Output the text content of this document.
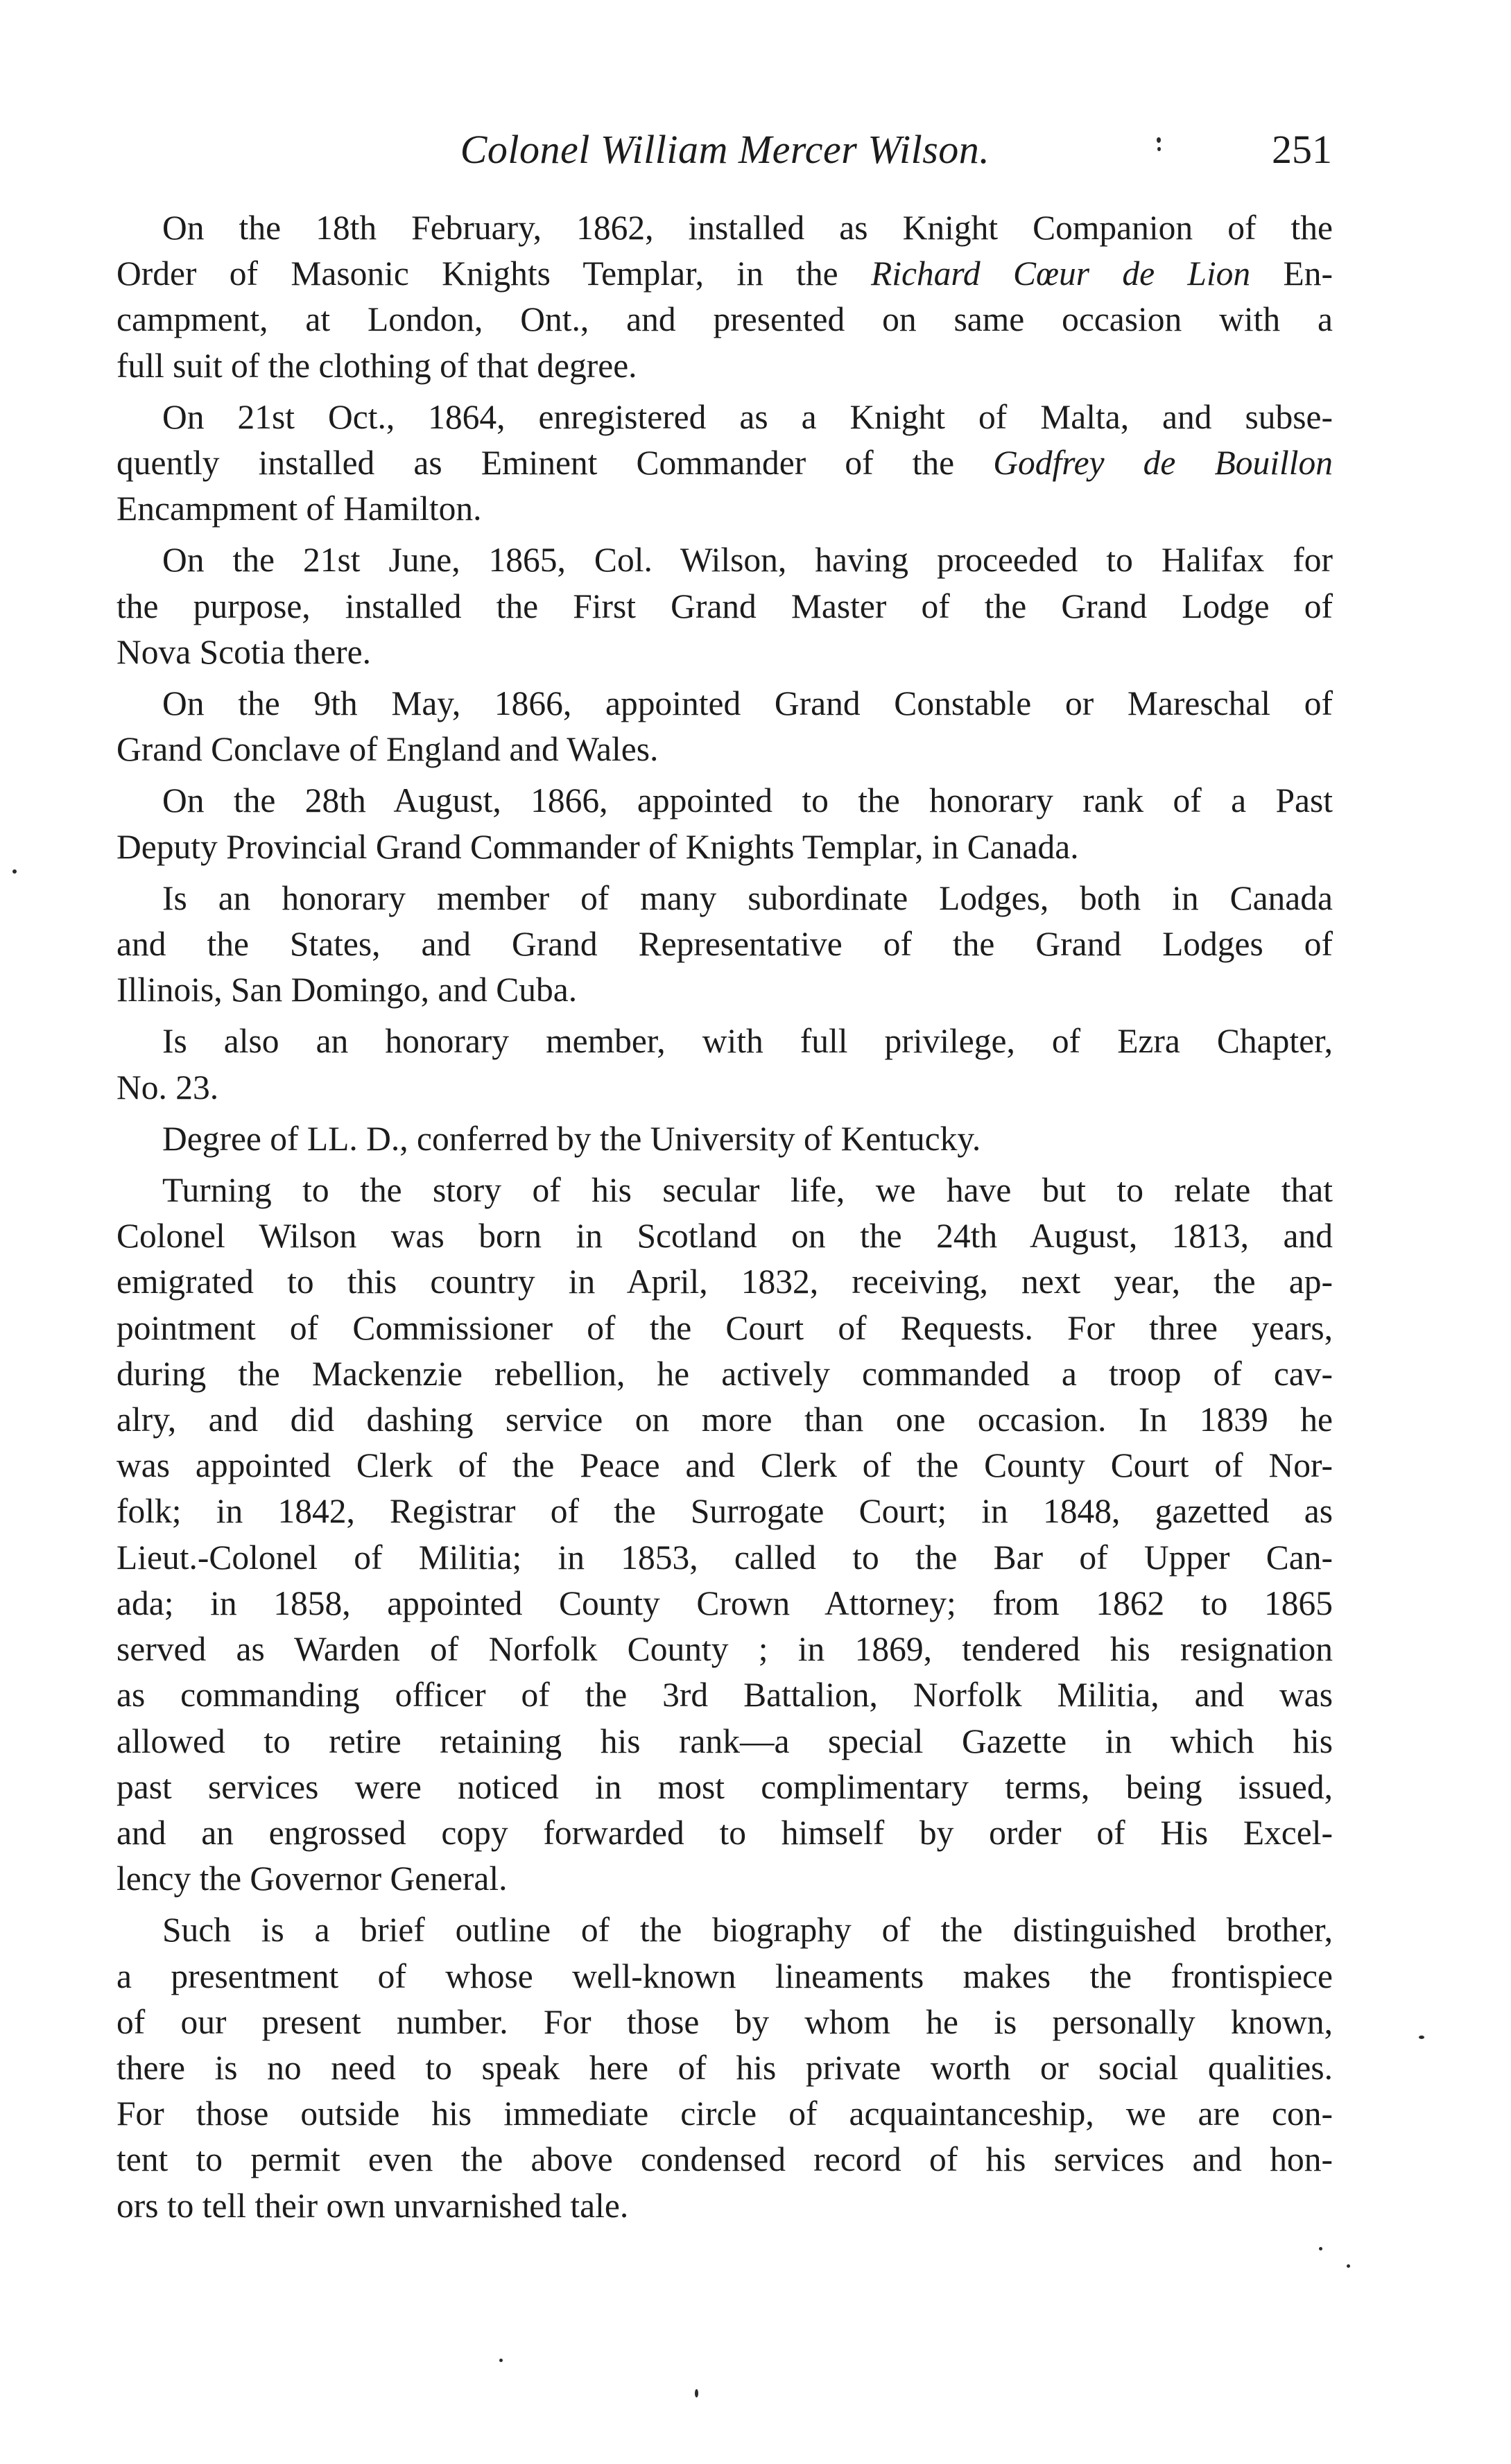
Colonel William Mercer Wilson.	251

On the 18th February, 1862, installed as Knight Companion of the
Order of Masonic Knights Templar, in the Richard Cœur de Lion En-
campment, at London, Ont., and presented on same occasion with a
full suit of the clothing of that degree.

On 21st Oct., 1864, enregistered as a Knight of Malta, and subse-
quently installed as Eminent Commander of the Godfrey de Bouillon
Encampment of Hamilton.

On the 21st June, 1865, Col. Wilson, having proceeded to Halifax for
the purpose, installed the First Grand Master of the Grand Lodge of
Nova Scotia there.

On the 9th May, 1866, appointed Grand Constable or Mareschal of
Grand Conclave of England and Wales.

On the 28th August, 1866, appointed to the honorary rank of a Past
Deputy Provincial Grand Commander of Knights Templar, in Canada.

Is an honorary member of many subordinate Lodges, both in Canada
and the States, and Grand Representative of the Grand Lodges of
Illinois, San Domingo, and Cuba.

Is also an honorary member, with full privilege, of Ezra Chapter,
No. 23.

Degree of LL. D., conferred by the University of Kentucky.

Turning to the story of his secular life, we have but to relate that
Colonel Wilson was born in Scotland on the 24th August, 1813, and
emigrated to this country in April, 1832, receiving, next year, the ap-
pointment of Commissioner of the Court of Requests. For three years,
during the Mackenzie rebellion, he actively commanded a troop of cav-
alry, and did dashing service on more than one occasion. In 1839 he
was appointed Clerk of the Peace and Clerk of the County Court of Nor-
folk; in 1842, Registrar of the Surrogate Court; in 1848, gazetted as
Lieut.-Colonel of Militia; in 1853, called to the Bar of Upper Can-
ada; in 1858, appointed County Crown Attorney; from 1862 to 1865
served as Warden of Norfolk County ; in 1869, tendered his resignation
as commanding officer of the 3rd Battalion, Norfolk Militia, and was
allowed to retire retaining his rank—a special Gazette in which his
past services were noticed in most complimentary terms, being issued,
and an engrossed copy forwarded to himself by order of His Excel-
lency the Governor General.

Such is a brief outline of the biography of the distinguished brother,
a presentment of whose well-known lineaments makes the frontispiece
of our present number. For those by whom he is personally known,
there is no need to speak here of his private worth or social qualities.
For those outside his immediate circle of acquaintanceship, we are con-
tent to permit even the above condensed record of his services and hon-
ors to tell their own unvarnished tale.
